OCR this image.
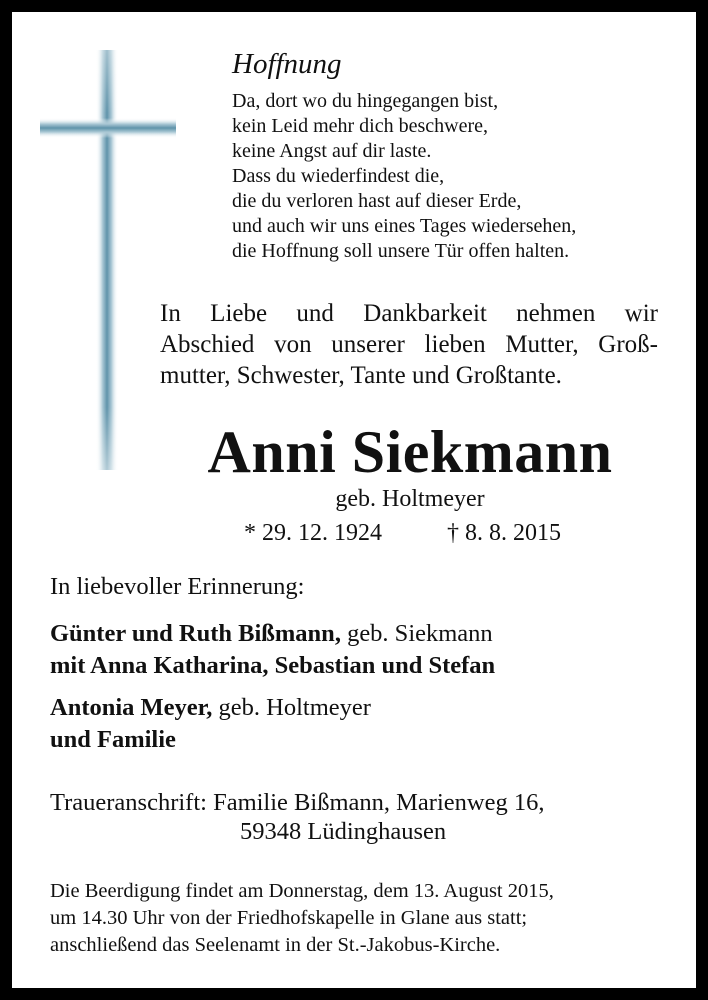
Hoffnung
Da, dort wo du hingegangen bist,
kein Leid mehr dich beschwere,
keine Angst auf dir laste.
Dass du wiederfindest die,
die du verloren hast auf dieser Erde,
und auch wir uns eines Tages wiedersehen,
die Hoffnung soll unsere Tür offen halten.
In Liebe und Dankbarkeit nehmen wir
Abschied von unserer lieben Mutter, Groß-
mutter, Schwester, Tante und Großtante.
Anni Siekmann
geb. Holtmeyer
* 29. 12. 1924	† 8. 8. 2015
In liebevoller Erinnerung:
Günter und Ruth Bißmann, geb. Siekmann
mit Anna Katharina, Sebastian und Stefan
Antonia Meyer, geb. Holtmeyer
und Familie
Traueranschrift: Familie Bißmann, Marienweg 16,
59348 Lüdinghausen
Die Beerdigung findet am Donnerstag, dem 13. August 2015,
um 14.30 Uhr von der Friedhofskapelle in Glane aus statt;
anschließend das Seelenamt in der St.-Jakobus-Kirche.
